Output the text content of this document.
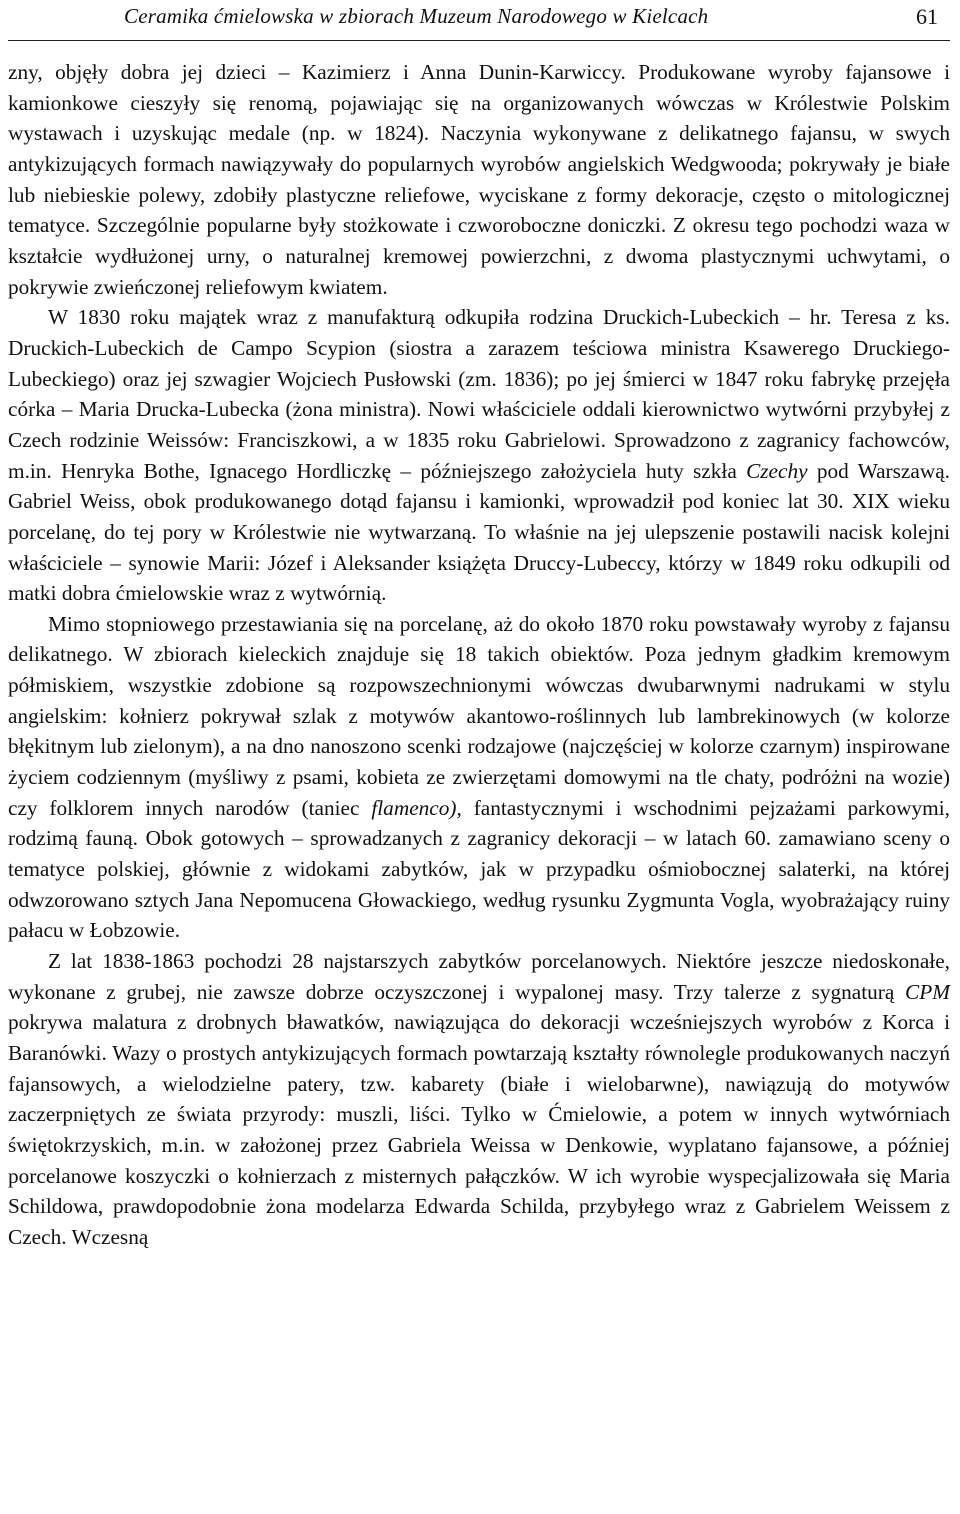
Ceramika ćmielowska w zbiorach Muzeum Narodowego w Kielcach	61

zny, objęły dobra jej dzieci – Kazimierz i Anna Dunin-Karwiccy. Produkowane wyroby fajansowe i kamionkowe cieszyły się renomą, pojawiając się na organizowanych wówczas w Królestwie Polskim wystawach i uzyskując medale (np. w 1824). Naczynia wykonywane z delikatnego fajansu, w swych antykizujących formach nawiązywały do popularnych wyrobów angielskich Wedgwooda; pokrywały je białe lub niebieskie polewy, zdobiły plastyczne reliefowe, wyciskane z formy dekoracje, często o mitologicznej tematyce. Szczególnie popularne były stożkowate i czworoboczne doniczki. Z okresu tego pochodzi waza w kształcie wydłużonej urny, o naturalnej kremowej powierzchni, z dwoma plastycznymi uchwytami, o pokrywie zwieńczonej reliefowym kwiatem.

W 1830 roku majątek wraz z manufakturą odkupiła rodzina Druckich-Lubeckich – hr. Teresa z ks. Druckich-Lubeckich de Campo Scypion (siostra a zarazem teściowa ministra Ksawerego Druckiego-Lubeckiego) oraz jej szwagier Wojciech Pusłowski (zm. 1836); po jej śmierci w 1847 roku fabrykę przejęła córka – Maria Drucka-Lubecka (żona ministra). Nowi właściciele oddali kierownictwo wytwórni przybyłej z Czech rodzinie Weissów: Franciszkowi, a w 1835 roku Gabrielowi. Sprowadzono z zagranicy fachowców, m.in. Henryka Bothe, Ignacego Hordliczkę – późniejszego założyciela huty szkła Czechy pod Warszawą. Gabriel Weiss, obok produkowanego dotąd fajansu i kamionki, wprowadził pod koniec lat 30. XIX wieku porcelanę, do tej pory w Królestwie nie wytwarzaną. To właśnie na jej ulepszenie postawili nacisk kolejni właściciele – synowie Marii: Józef i Aleksander książęta Druccy-Lubeccy, którzy w 1849 roku odkupili od matki dobra ćmielowskie wraz z wytwórnią.

Mimo stopniowego przestawiania się na porcelanę, aż do około 1870 roku powstawały wyroby z fajansu delikatnego. W zbiorach kieleckich znajduje się 18 takich obiektów. Poza jednym gładkim kremowym półmiskiem, wszystkie zdobione są rozpowszechnionymi wówczas dwubarwnymi nadrukami w stylu angielskim: kołnierz pokrywał szlak z motywów akantowo-roślinnych lub lambrekinowych (w kolorze błękitnym lub zielonym), a na dno nanoszono scenki rodzajowe (najczęściej w kolorze czarnym) inspirowane życiem codziennym (myśliwy z psami, kobieta ze zwierzętami domowymi na tle chaty, podróżni na wozie) czy folklorem innych narodów (taniec flamenco), fantastycznymi i wschodnimi pejzażami parkowymi, rodzimą fauną. Obok gotowych – sprowadzanych z zagranicy dekoracji – w latach 60. zamawiano sceny o tematyce polskiej, głównie z widokami zabytków, jak w przypadku ośmiobocznej salaterki, na której odwzorowano sztych Jana Nepomucena Głowackiego, według rysunku Zygmunta Vogla, wyobrażający ruiny pałacu w Łobzowie.

Z lat 1838-1863 pochodzi 28 najstarszych zabytków porcelanowych. Niektóre jeszcze niedoskonałe, wykonane z grubej, nie zawsze dobrze oczyszczonej i wypalonej masy. Trzy talerze z sygnaturą CPM pokrywa malatura z drobnych bławatków, nawiązująca do dekoracji wcześniejszych wyrobów z Korca i Baranówki. Wazy o prostych antykizujących formach powtarzają kształty równolegle produkowanych naczyń fajansowych, a wielodzielne patery, tzw. kabarety (białe i wielobarwne), nawiązują do motywów zaczerpniętych ze świata przyrody: muszli, liści. Tylko w Ćmielowie, a potem w innych wytwórniach świętokrzyskich, m.in. w założonej przez Gabriela Weissa w Denkowie, wyplatano fajansowe, a później porcelanowe koszyczki o kołnierzach z misternych pałączków. W ich wyrobie wyspecjalizowała się Maria Schildowa, prawdopodobnie żona modelarza Edwarda Schilda, przybyłego wraz z Gabrielem Weissem z Czech. Wczesną
